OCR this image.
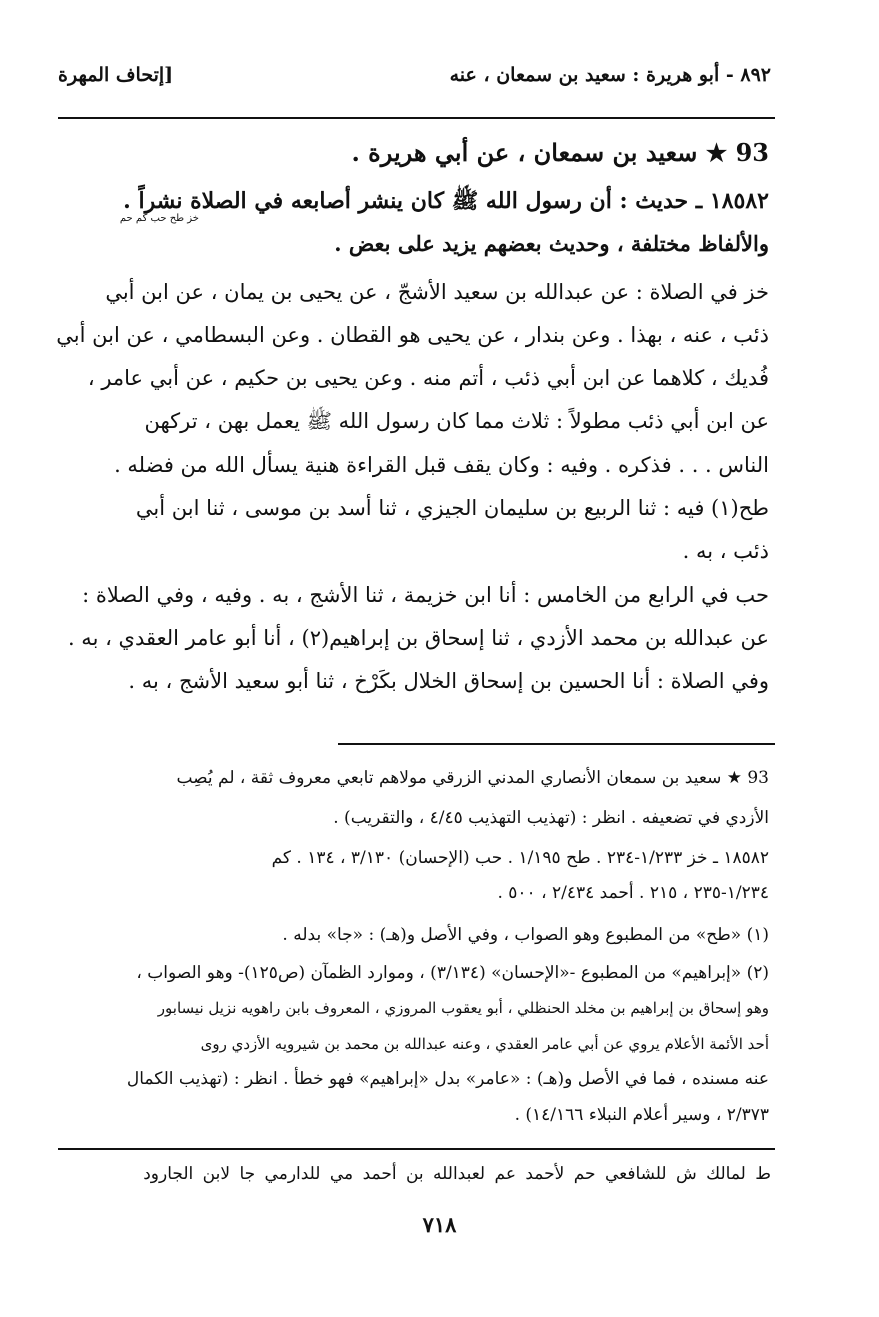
[إتحاف المهرة	٨٩٢ - أبو هريرة : سعيد بن سمعان ، عنه
93 ★ سعيد بن سمعان ، عن أبي هريرة .
١٨٥٨٢ ـ حديث : أن رسول الله ﷺ كان ينشر أصابعه في الصلاة نشراً .
خز طح حب كم حم
والألفاظ مختلفة ، وحديث بعضهم يزيد على بعض .
خز في الصلاة : عن عبدالله بن سعيد الأشجّ ، عن يحيى بن يمان ، عن ابن أبي
ذئب ، عنه ، بهذا . وعن بندار ، عن يحيى هو القطان . وعن البسطامي ، عن ابن أبي
فُديك ، كلاهما عن ابن أبي ذئب ، أتم منه . وعن يحيى بن حكيم ، عن أبي عامر ،
عن ابن أبي ذئب مطولاً : ثلاث مما كان رسول الله ﷺ يعمل بهن ، تركهن
الناس . . . فذكره . وفيه : وكان يقف قبل القراءة هنية يسأل الله من فضله .
طح(١) فيه : ثنا الربيع بن سليمان الجيزي ، ثنا أسد بن موسى ، ثنا ابن أبي
ذئب ، به .
حب في الرابع من الخامس : أنا ابن خزيمة ، ثنا الأشج ، به . وفيه ، وفي الصلاة :
عن عبدالله بن محمد الأزدي ، ثنا إسحاق بن إبراهيم(٢) ، أنا أبو عامر العقدي ، به .
وفي الصلاة : أنا الحسين بن إسحاق الخلال بكَرْخ ، ثنا أبو سعيد الأشج ، به .
93 ★ سعيد بن سمعان الأنصاري المدني الزرقي مولاهم تابعي معروف ثقة ، لم يُصِب
الأزدي في تضعيفه . انظر : (تهذيب التهذيب ٤/٤٥ ، والتقريب) .
١٨٥٨٢ ـ خز ١/٢٣٣-٢٣٤ . طح ١/١٩٥ . حب (الإحسان) ٣/١٣٠ ، ١٣٤ . كم
١/٢٣٤-٢٣٥ ، ٢١٥ . أحمد ٢/٤٣٤ ، ٥٠٠ .
(١) «طح» من المطبوع وهو الصواب ، وفي الأصل و(هـ) : «جا» بدله .
(٢) «إبراهيم» من المطبوع -«الإحسان» (٣/١٣٤) ، وموارد الظمآن (ص١٢٥)- وهو الصواب ،
وهو إسحاق بن إبراهيم بن مخلد الحنظلي ، أبو يعقوب المروزي ، المعروف بابن راهويه نزيل نيسابور
أحد الأئمة الأعلام يروي عن أبي عامر العقدي ، وعنه عبدالله بن محمد بن شيرويه الأزدي روى
عنه مسنده ، فما في الأصل و(هـ) : «عامر» بدل «إبراهيم» فهو خطأ . انظر : (تهذيب الكمال
٢/٣٧٣ ، وسير أعلام النبلاء ١٤/١٦٦) .
ط لمالك ش للشافعي حم لأحمد عم لعبدالله بن أحمد مي للدارمي جا لابن الجارود
٧١٨
